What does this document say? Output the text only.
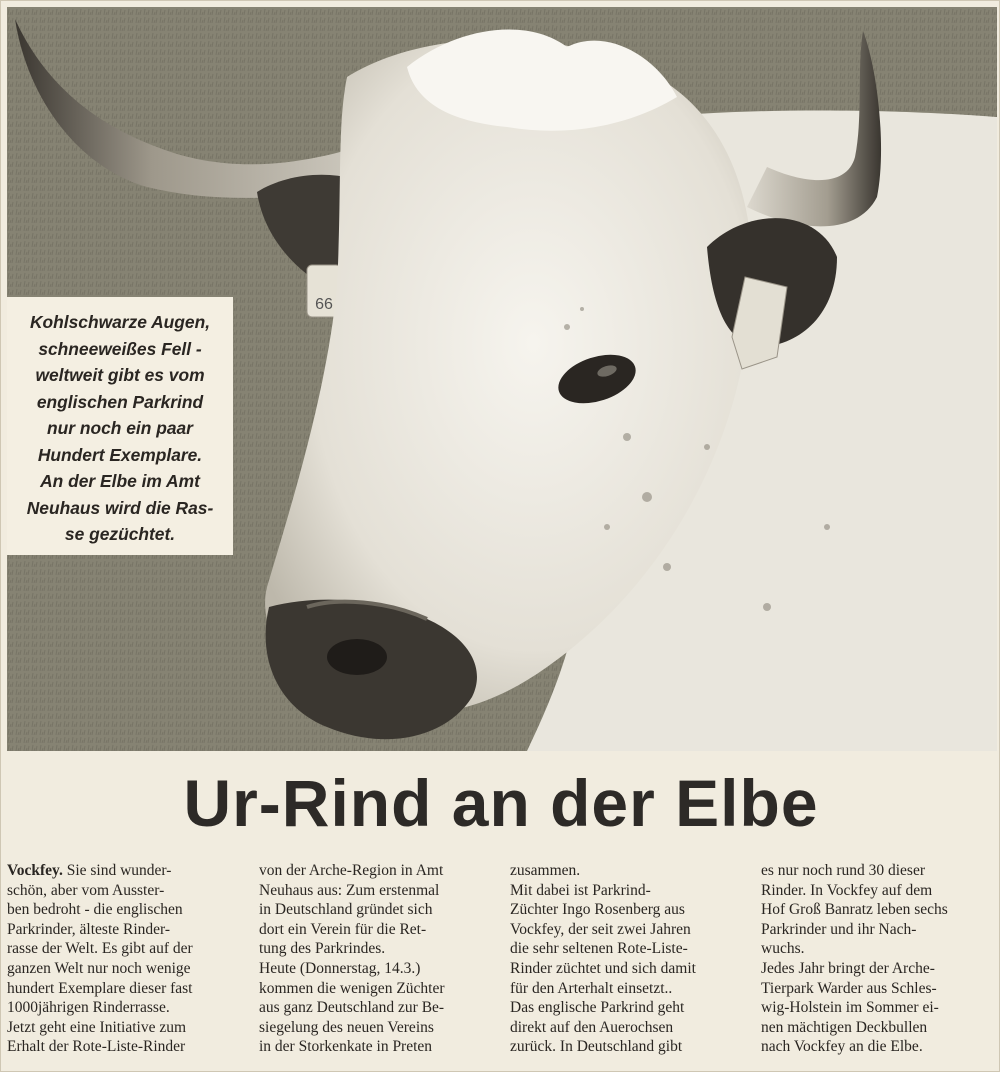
66
Kohlschwarze Augen,
schneeweißes Fell -
weltweit gibt es vom
englischen Parkrind
nur noch ein paar
Hundert Exemplare.
An der Elbe im Amt
Neuhaus wird die Ras-
se gezüchtet.
Ur-Rind an der Elbe

Vockfey. Sie sind wunder-
schön, aber vom Ausster-
ben bedroht - die englischen
Parkrinder, älteste Rinder-
rasse der Welt. Es gibt auf der
ganzen Welt nur noch wenige
hundert Exemplare dieser fast
1000jährigen Rinderrasse.
Jetzt geht eine Initiative zum
Erhalt der Rote-Liste-Rinder

von der Arche-Region in Amt
Neuhaus aus: Zum erstenmal
in Deutschland gründet sich
dort ein Verein für die Ret-
tung des Parkrindes.
Heute (Donnerstag, 14.3.)
kommen die wenigen Züchter
aus ganz Deutschland zur Be-
siegelung des neuen Vereins
in der Storkenkate in Preten

zusammen.
Mit dabei ist Parkrind-
Züchter Ingo Rosenberg aus
Vockfey, der seit zwei Jahren
die sehr seltenen Rote-Liste-
Rinder züchtet und sich damit
für den Arterhalt einsetzt..
Das englische Parkrind geht
direkt auf den Auerochsen
zurück. In Deutschland gibt

es nur noch rund 30 dieser
Rinder. In Vockfey auf dem
Hof Groß Banratz leben sechs
Parkrinder und ihr Nach-
wuchs.
Jedes Jahr bringt der Arche-
Tierpark Warder aus Schles-
wig-Holstein im Sommer ei-
nen mächtigen Deckbullen
nach Vockfey an die Elbe.
